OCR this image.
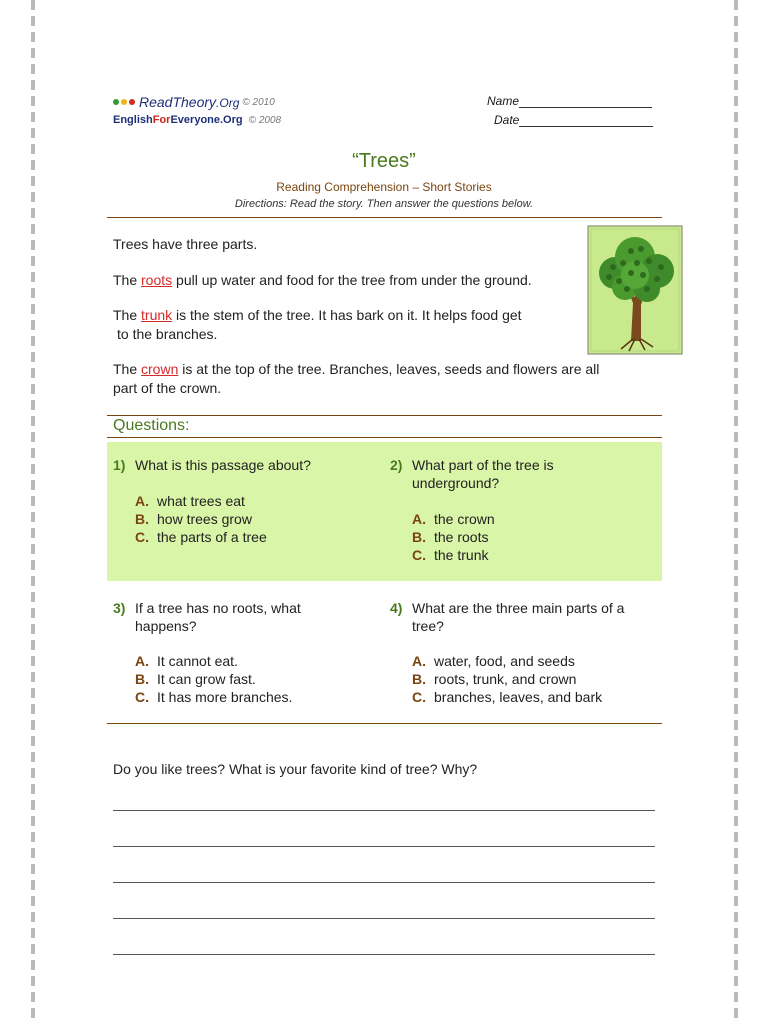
ReadTheory.Org © 2010
EnglishForEveryone.Org © 2008
Name
Date
“Trees”
Reading Comprehension – Short Stories
Directions: Read the story. Then answer the questions below.
Trees have three parts.
The roots pull up water and food for the tree from under the ground.
The trunk is the stem of the tree. It has bark on it. It helps food get
to the branches.
The crown is at the top of the tree. Branches, leaves, seeds and flowers are all
part of the crown.
Questions:
1) What is this passage about?
A. what trees eat
B. how trees grow
C. the parts of a tree
2) What part of the tree is
underground?
A. the crown
B. the roots
C. the trunk
3) If a tree has no roots, what
happens?
A. It cannot eat.
B. It can grow fast.
C. It has more branches.
4) What are the three main parts of a
tree?
A. water, food, and seeds
B. roots, trunk, and crown
C. branches, leaves, and bark
Do you like trees? What is your favorite kind of tree? Why?
